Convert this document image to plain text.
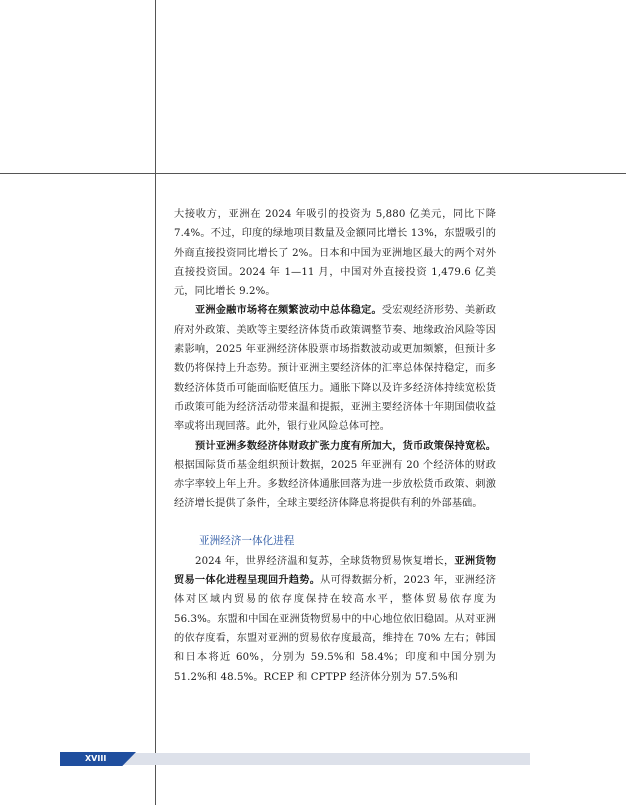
大接收方，亚洲在 2024 年吸引的投资为 5,880 亿美元，同比下降 7.4%。不过，印度的绿地项目数量及金额同比增长 13%，东盟吸引的外商直接投资同比增长了 2%。日本和中国为亚洲地区最大的两个对外直接投资国。2024 年 1—11 月，中国对外直接投资 1,479.6 亿美元，同比增长 9.2%。

亚洲金融市场将在频繁波动中总体稳定。受宏观经济形势、美新政府对外政策、美欧等主要经济体货币政策调整节奏、地缘政治风险等因素影响，2025 年亚洲经济体股票市场指数波动或更加频繁，但预计多数仍将保持上升态势。预计亚洲主要经济体的汇率总体保持稳定，而多数经济体货币可能面临贬值压力。通胀下降以及许多经济体持续宽松货币政策可能为经济活动带来温和提振，亚洲主要经济体十年期国债收益率或将出现回落。此外，银行业风险总体可控。

预计亚洲多数经济体财政扩张力度有所加大，货币政策保持宽松。根据国际货币基金组织预计数据，2025 年亚洲有 20 个经济体的财政赤字率较上年上升。多数经济体通胀回落为进一步放松货币政策、刺激经济增长提供了条件，全球主要经济体降息将提供有利的外部基础。

亚洲经济一体化进程

2024 年，世界经济温和复苏，全球货物贸易恢复增长，亚洲货物贸易一体化进程呈现回升趋势。从可得数据分析，2023 年，亚洲经济体对区域内贸易的依存度保持在较高水平，整体贸易依存度为 56.3%。东盟和中国在亚洲货物贸易中的中心地位依旧稳固。从对亚洲的依存度看，东盟对亚洲的贸易依存度最高，维持在 70% 左右；韩国和日本将近 60%，分别为 59.5%和 58.4%；印度和中国分别为 51.2%和 48.5%。RCEP 和 CPTPP 经济体分别为 57.5%和

XVIII
